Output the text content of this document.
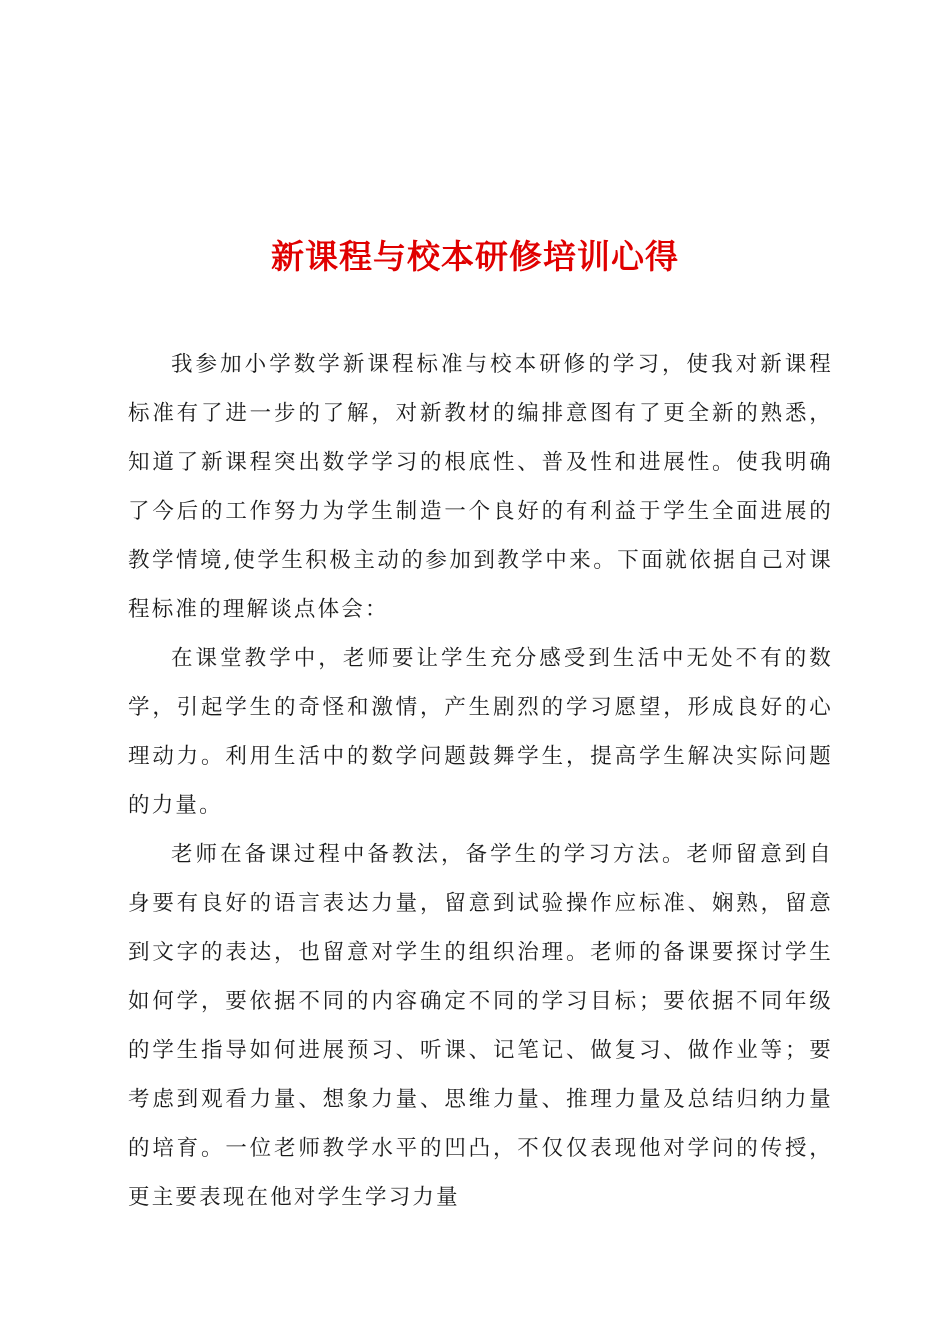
新课程与校本研修培训心得

我参加小学数学新课程标准与校本研修的学习，使我对新课程标准有了进一步的了解，对新教材的编排意图有了更全新的熟悉，知道了新课程突出数学学习的根底性、普及性和进展性。使我明确了今后的工作努力为学生制造一个良好的有利益于学生全面进展的教学情境,使学生积极主动的参加到教学中来。下面就依据自己对课程标准的理解谈点体会：

在课堂教学中，老师要让学生充分感受到生活中无处不有的数学，引起学生的奇怪和激情，产生剧烈的学习愿望，形成良好的心理动力。利用生活中的数学问题鼓舞学生，提高学生解决实际问题的力量。

老师在备课过程中备教法，备学生的学习方法。老师留意到自身要有良好的语言表达力量，留意到试验操作应标准、娴熟，留意到文字的表达，也留意对学生的组织治理。老师的备课要探讨学生如何学，要依据不同的内容确定不同的学习目标；要依据不同年级的学生指导如何进展预习、听课、记笔记、做复习、做作业等；要考虑到观看力量、想象力量、思维力量、推理力量及总结归纳力量的培育。一位老师教学水平的凹凸，不仅仅表现他对学问的传授，更主要表现在他对学生学习力量
